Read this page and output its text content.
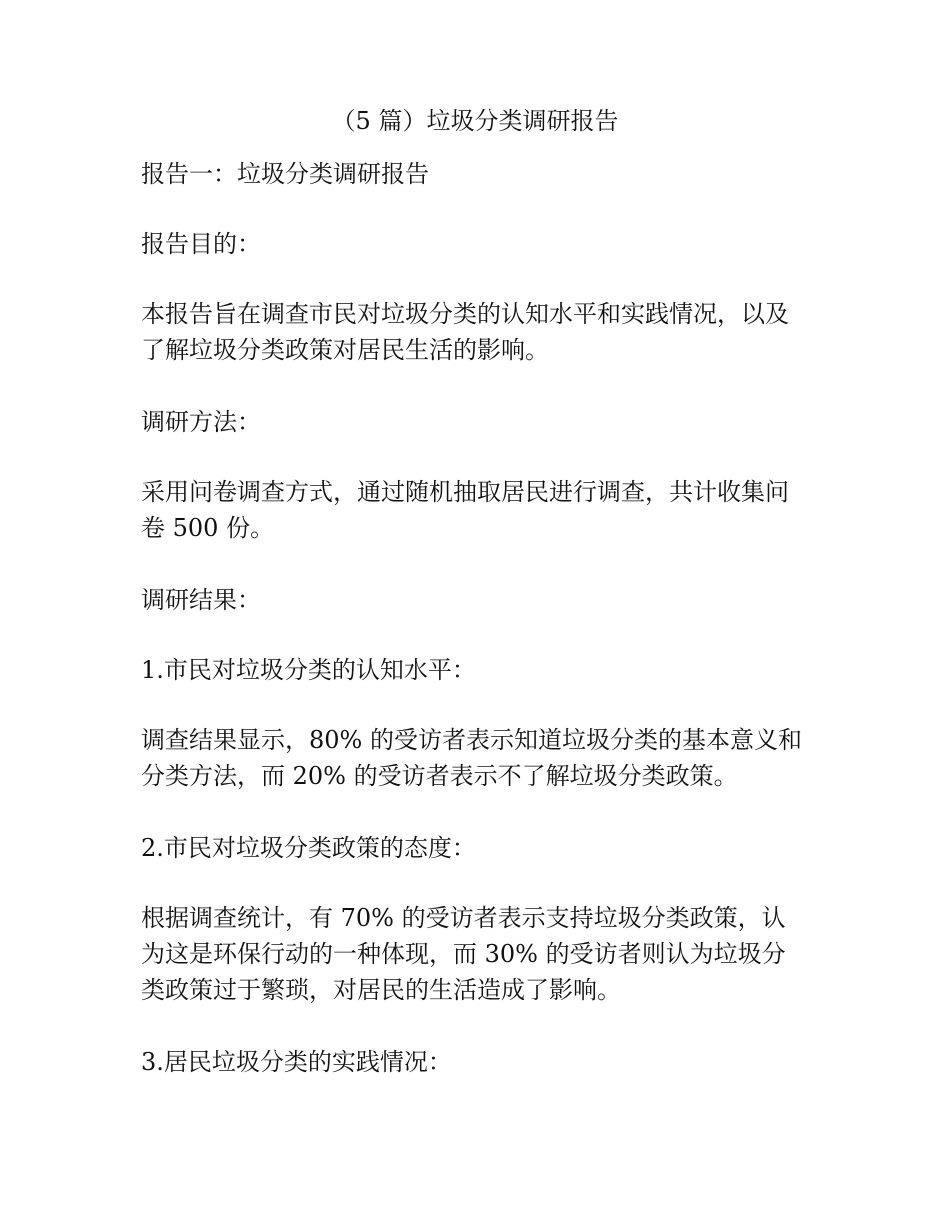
（5 篇）垃圾分类调研报告

报告一：垃圾分类调研报告

报告目的：

本报告旨在调查市民对垃圾分类的认知水平和实践情况，以及
了解垃圾分类政策对居民生活的影响。

调研方法：

采用问卷调查方式，通过随机抽取居民进行调查，共计收集问
卷 500 份。

调研结果：

1.市民对垃圾分类的认知水平：

调查结果显示，80% 的受访者表示知道垃圾分类的基本意义和
分类方法，而 20% 的受访者表示不了解垃圾分类政策。

2.市民对垃圾分类政策的态度：

根据调查统计，有 70% 的受访者表示支持垃圾分类政策，认
为这是环保行动的一种体现，而 30% 的受访者则认为垃圾分
类政策过于繁琐，对居民的生活造成了影响。

3.居民垃圾分类的实践情况：
